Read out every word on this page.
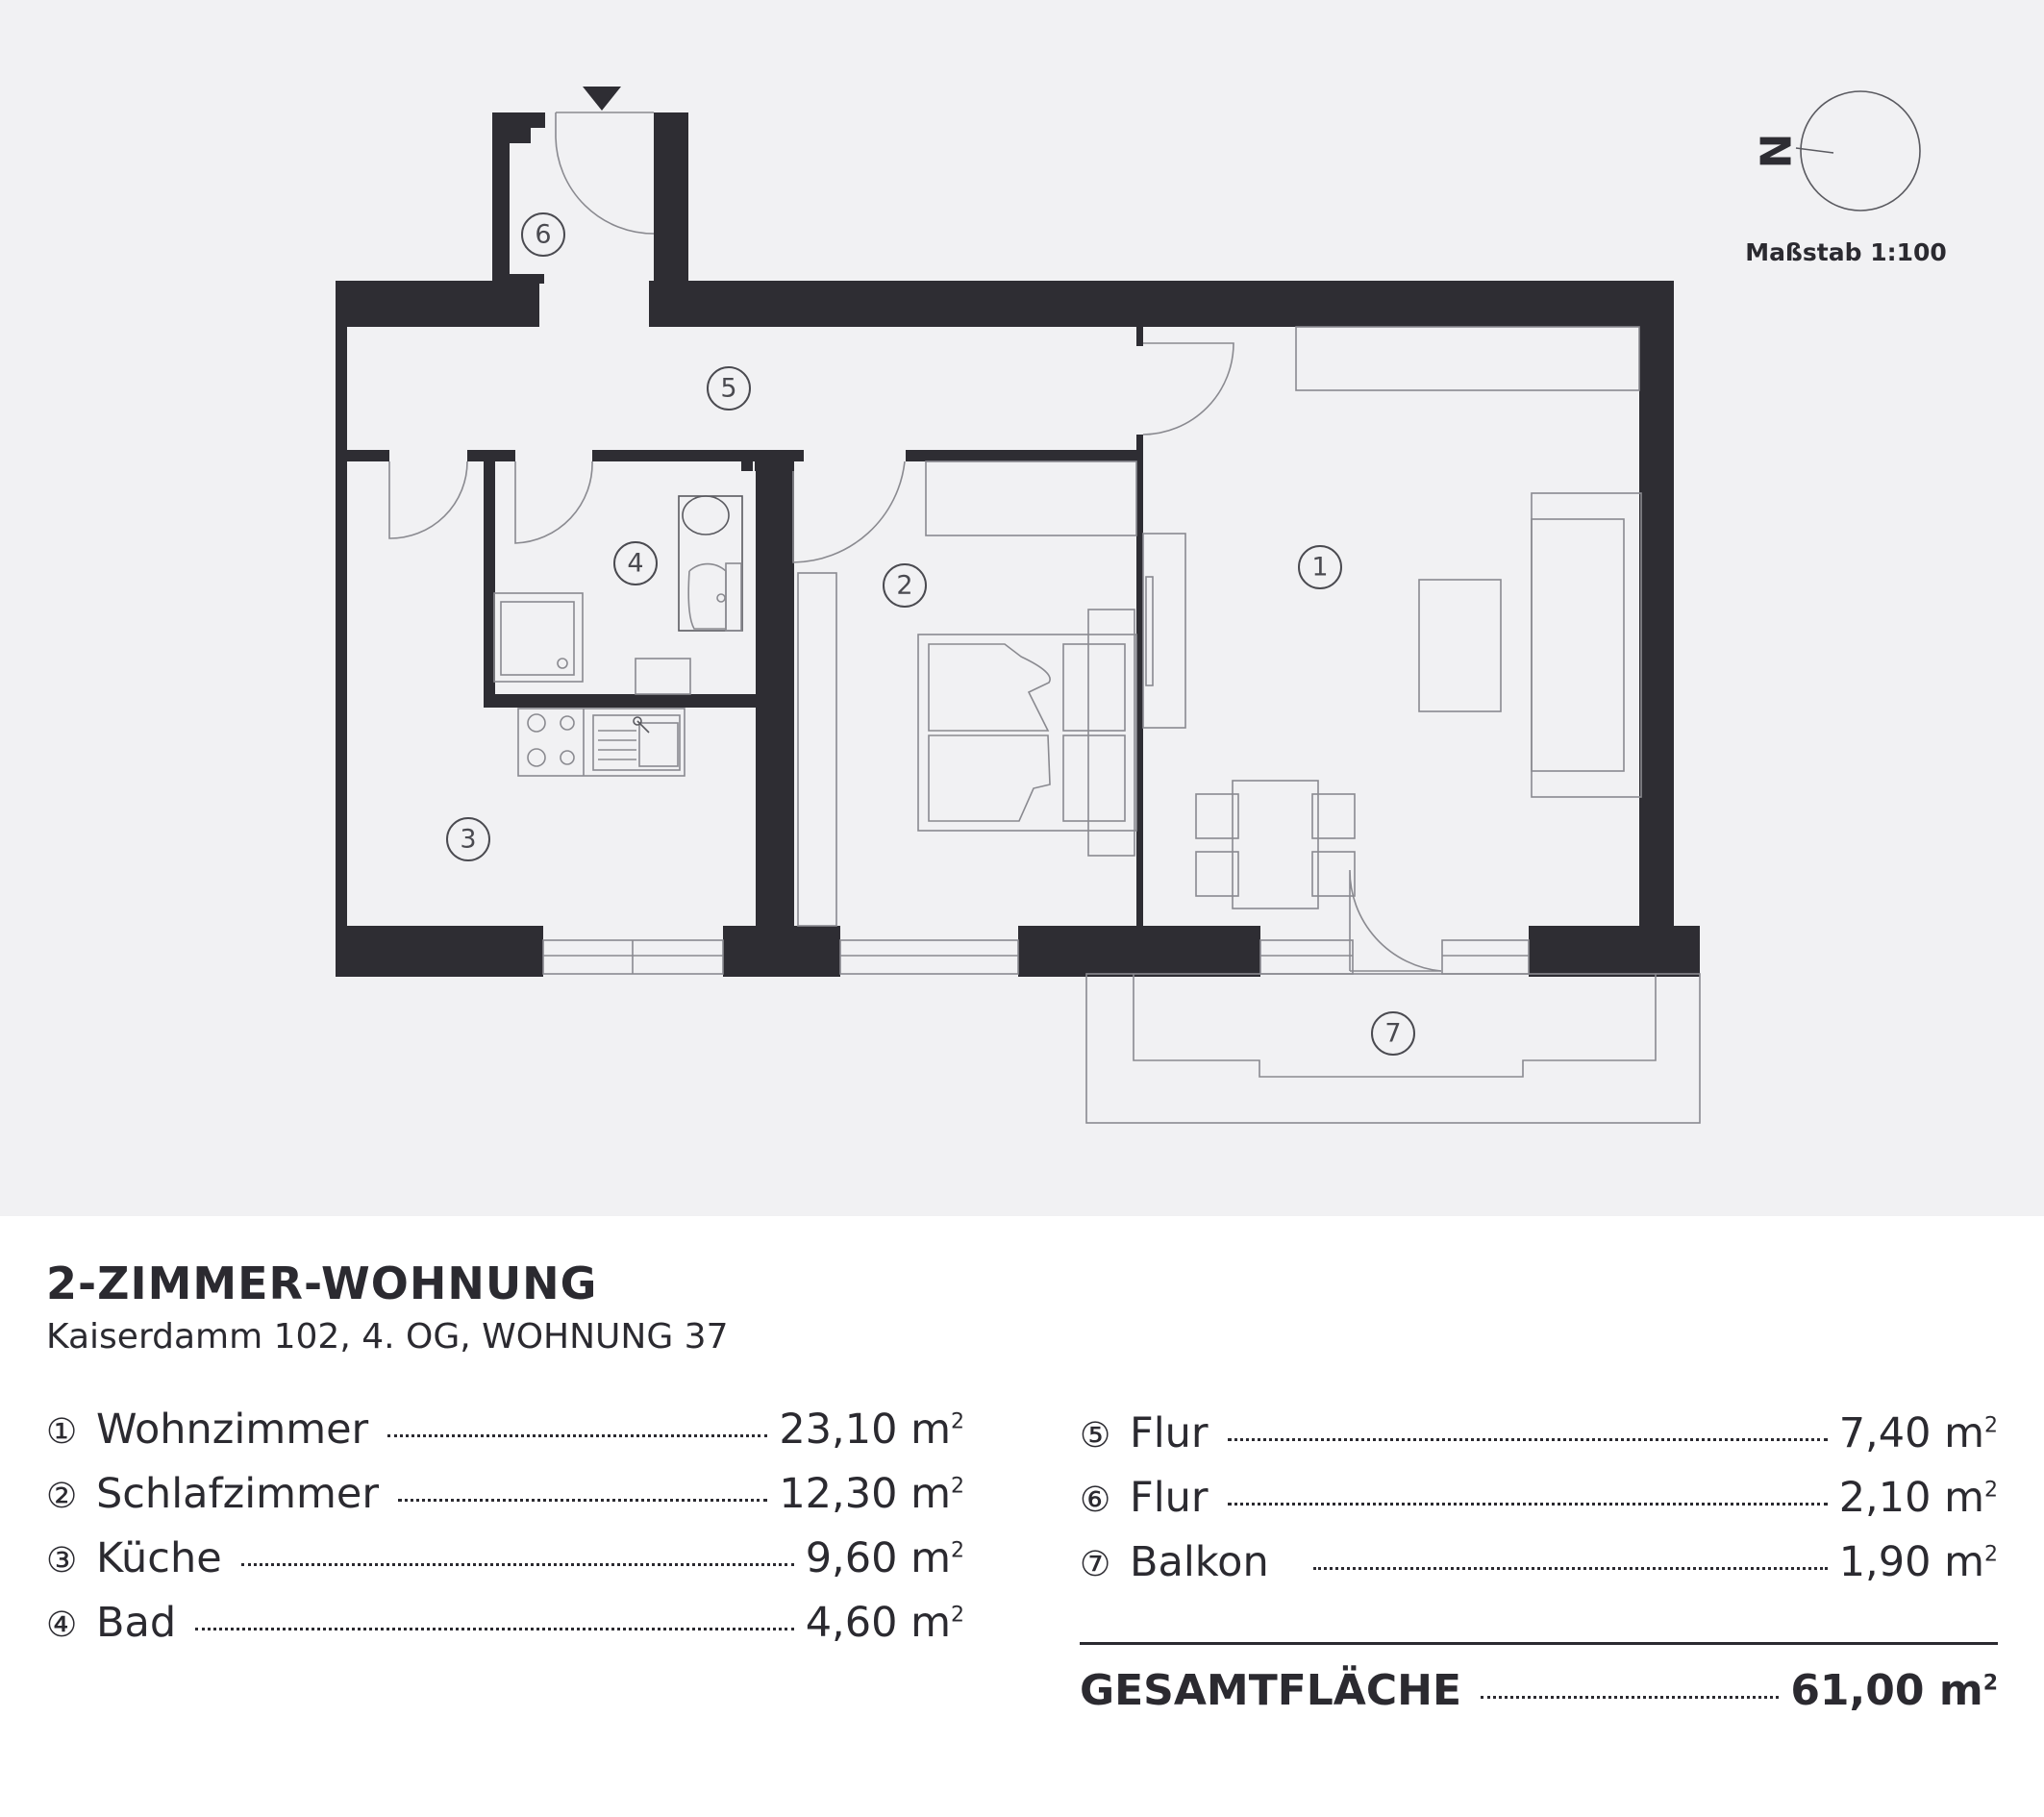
1
2
3
4
5
6
7
N
Maßstab 1:100
2-ZIMMER-WOHNUNG
Kaiserdamm 102, 4. OG, WOHNUNG 37
① Wohnzimmer	23,10
$m^2$
② Schlafzimmer	12,30
$m^2$
③ Küche	9,60
$m^2$
④ Bad	4,60
$m^2$
⑤ Flur	7,40
$m^2$
⑥ Flur	2,10
$m^2$
⑦ Balkon	1,90
$m^2$
GESAMTFLÄCHE	61,00
$m^2$
